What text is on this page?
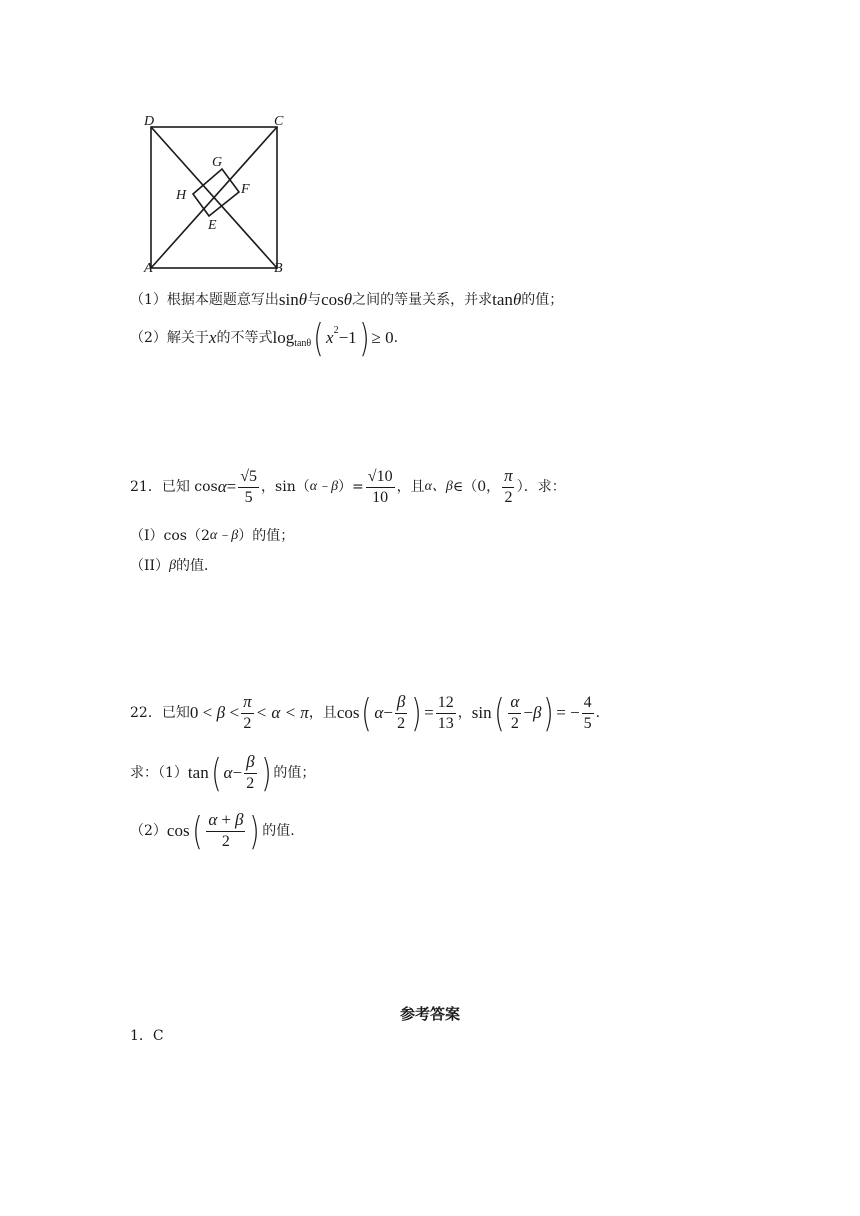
D	C
G
H	F
E
A	B
（1）根据本题题意写出 sin θ 与 cos θ 之间的等量关系，并求 tan θ 的值；
（2）解关于 x 的不等式 log tanθ ( x 2 −1 ) ≥ 0 .
21．已知 $\cos \alpha = \frac{√5}{5}$ ，sin（ α﹣β ）= $\frac{√10}{10}$ ，且 α、β ∈（0， $\frac{\pi}{2}$ ）．求：
（I）cos（2 α﹣β ）的值；
（II） β 的值．
22．已知 0 <
β
< $\frac{\pi}{2} < \alpha < \pi$ ，且 cos ( $\alpha - \frac{\beta}{2}$ ) = $\frac{12}{13}$ ， sin ( $\frac{\alpha}{2} - \beta$ ) = − $\frac{4}{5}$ .
求：（1） tan ( $\alpha - \frac{\beta}{2}$ ) 的值；
（2） cos ( $\frac{\alpha + \beta}{2}$ ) 的值.
参考答案
1．C
